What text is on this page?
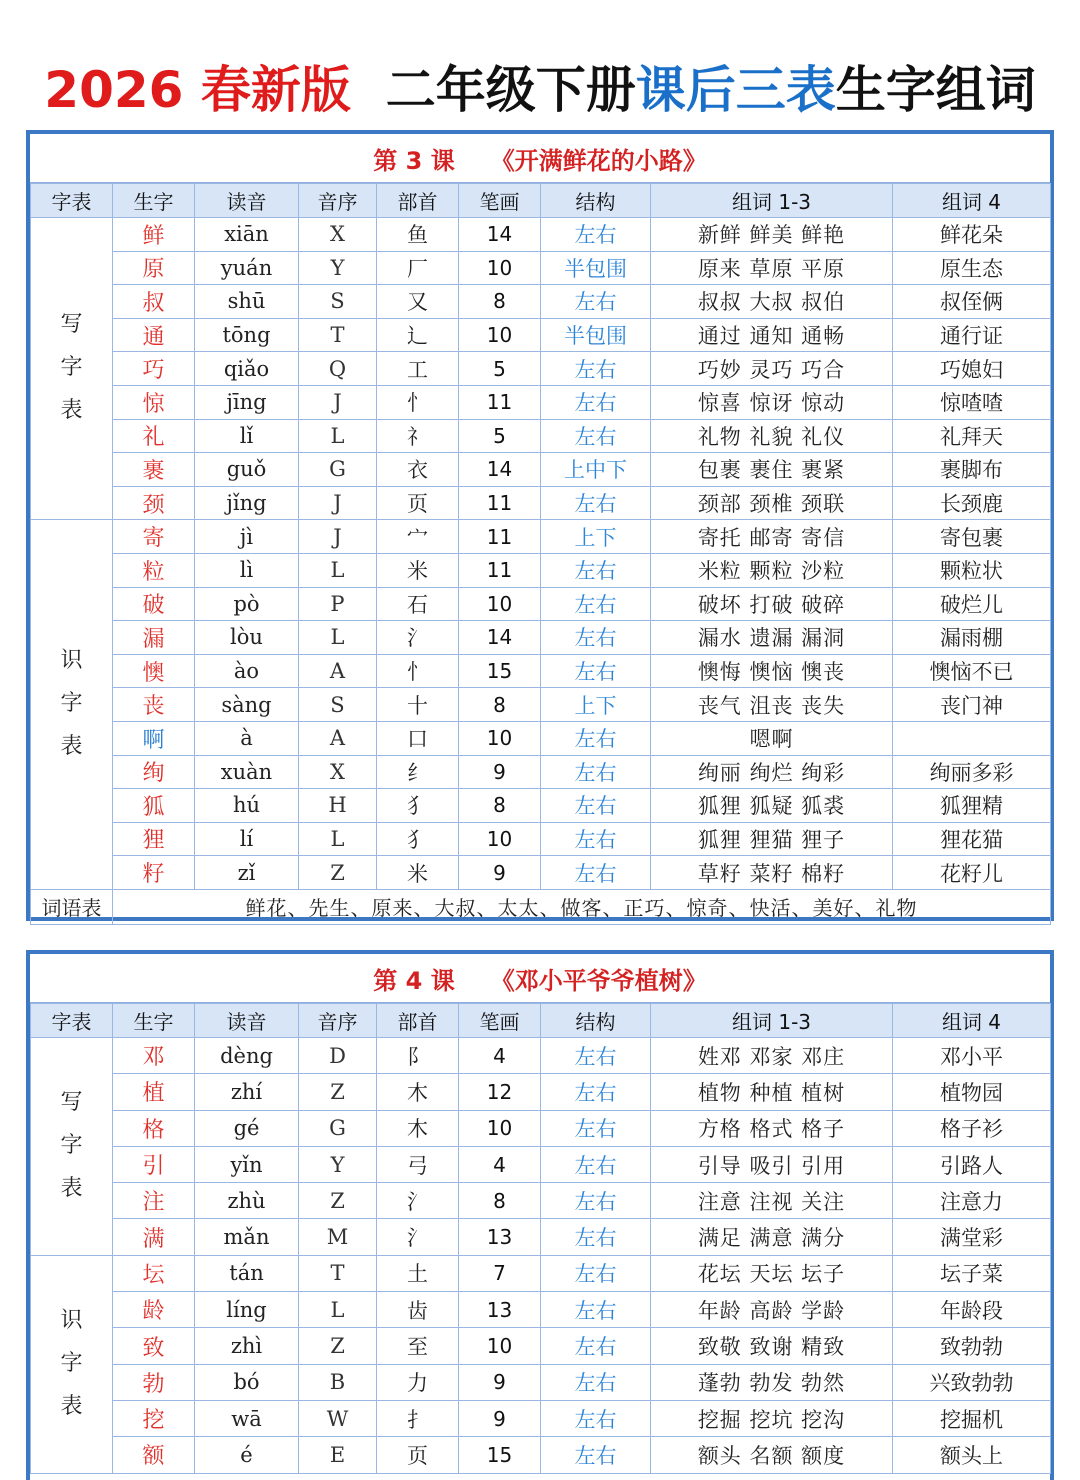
2026 春新版 二年级下册课后三表生字组词
第 3 课 《开满鲜花的小路》
字表	生字	读音	音序	部首	笔画	结构	组词 1-3	组词 4

写
字
表	鲜	xiān	X	鱼	14	左右	新鲜 鲜美 鲜艳	鲜花朵
	原	yuán	Y	厂	10	半包围	原来 草原 平原	原生态
	叔	shū	S	又	8	左右	叔叔 大叔 叔伯	叔侄俩
	通	tōng	T	辶	10	半包围	通过 通知 通畅	通行证
	巧	qiǎo	Q	工	5	左右	巧妙 灵巧 巧合	巧媳妇
	惊	jīng	J	忄	11	左右	惊喜 惊讶 惊动	惊喳喳
	礼	lǐ	L	礻	5	左右	礼物 礼貌 礼仪	礼拜天
	裹	guǒ	G	衣	14	上中下	包裹 裹住 裹紧	裹脚布
	颈	jǐng	J	页	11	左右	颈部 颈椎 颈联	长颈鹿

识
字
表	寄	jì	J	宀	11	上下	寄托 邮寄 寄信	寄包裹
	粒	lì	L	米	11	左右	米粒 颗粒 沙粒	颗粒状
	破	pò	P	石	10	左右	破坏 打破 破碎	破烂儿
	漏	lòu	L	氵	14	左右	漏水 遗漏 漏洞	漏雨棚
	懊	ào	A	忄	15	左右	懊悔 懊恼 懊丧	懊恼不已
	丧	sàng	S	十	8	上下	丧气 沮丧 丧失	丧门神
	啊	à	A	口	10	左右	嗯啊	
	绚	xuàn	X	纟	9	左右	绚丽 绚烂 绚彩	绚丽多彩
	狐	hú	H	犭	8	左右	狐狸 狐疑 狐裘	狐狸精
	狸	lí	L	犭	10	左右	狐狸 狸猫 狸子	狸花猫
	籽	zǐ	Z	米	9	左右	草籽 菜籽 棉籽	花籽儿
词语表	鲜花、先生、原来、大叔、太太、做客、正巧、惊奇、快活、美好、礼物							
第 4 课 《邓小平爷爷植树》
字表	生字	读音	音序	部首	笔画	结构	组词 1-3	组词 4

写
字
表	邓	dèng	D	阝	4	左右	姓邓 邓家 邓庄	邓小平
	植	zhí	Z	木	12	左右	植物 种植 植树	植物园
	格	gé	G	木	10	左右	方格 格式 格子	格子衫
	引	yǐn	Y	弓	4	左右	引导 吸引 引用	引路人
	注	zhù	Z	氵	8	左右	注意 注视 关注	注意力
	满	mǎn	M	氵	13	左右	满足 满意 满分	满堂彩

识
字
表	坛	tán	T	土	7	左右	花坛 天坛 坛子	坛子菜
	龄	líng	L	齿	13	左右	年龄 高龄 学龄	年龄段
	致	zhì	Z	至	10	左右	致敬 致谢 精致	致勃勃
	勃	bó	B	力	9	左右	蓬勃 勃发 勃然	兴致勃勃
	挖	wā	W	扌	9	左右	挖掘 挖坑 挖沟	挖掘机
	额	é	E	页	15	左右	额头 名额 额度	额头上
